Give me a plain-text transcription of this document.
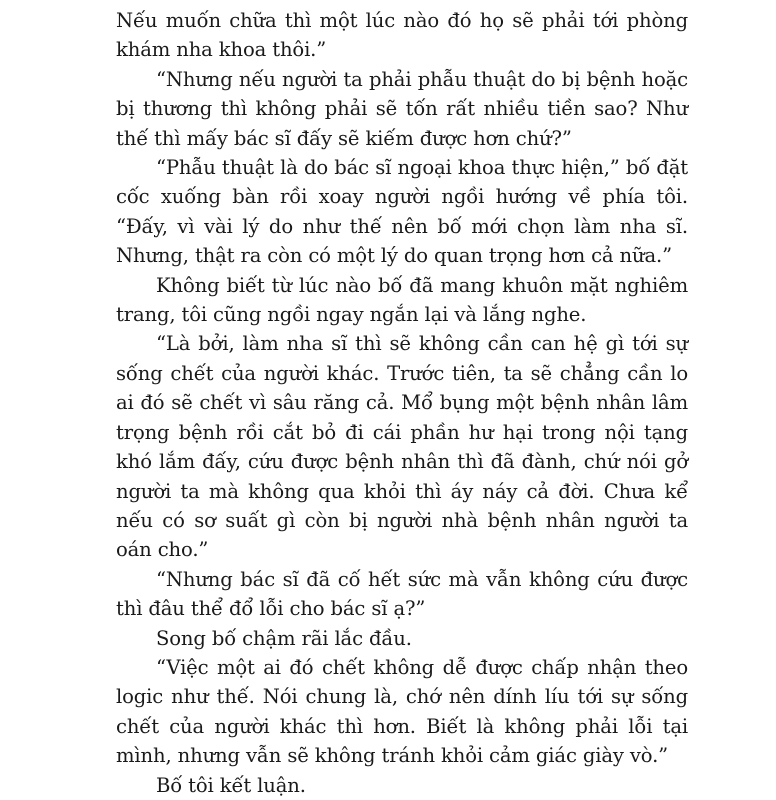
Nếu muốn chữa thì một lúc nào đó họ sẽ phải tới phòng khám nha khoa thôi.”

“Nhưng nếu người ta phải phẫu thuật do bị bệnh hoặc bị thương thì không phải sẽ tốn rất nhiều tiền sao? Như thế thì mấy bác sĩ đấy sẽ kiếm được hơn chứ?”

“Phẫu thuật là do bác sĩ ngoại khoa thực hiện,” bố đặt cốc xuống bàn rồi xoay người ngồi hướng về phía tôi. “Đấy, vì vài lý do như thế nên bố mới chọn làm nha sĩ. Nhưng, thật ra còn có một lý do quan trọng hơn cả nữa.”

Không biết từ lúc nào bố đã mang khuôn mặt nghiêm trang, tôi cũng ngồi ngay ngắn lại và lắng nghe.

“Là bởi, làm nha sĩ thì sẽ không cần can hệ gì tới sự sống chết của người khác. Trước tiên, ta sẽ chẳng cần lo ai đó sẽ chết vì sâu răng cả. Mổ bụng một bệnh nhân lâm trọng bệnh rồi cắt bỏ đi cái phần hư hại trong nội tạng khó lắm đấy, cứu được bệnh nhân thì đã đành, chứ nói gở người ta mà không qua khỏi thì áy náy cả đời. Chưa kể nếu có sơ suất gì còn bị người nhà bệnh nhân người ta oán cho.”

“Nhưng bác sĩ đã cố hết sức mà vẫn không cứu được thì đâu thể đổ lỗi cho bác sĩ ạ?”

Song bố chậm rãi lắc đầu.

“Việc một ai đó chết không dễ được chấp nhận theo logic như thế. Nói chung là, chớ nên dính líu tới sự sống chết của người khác thì hơn. Biết là không phải lỗi tại mình, nhưng vẫn sẽ không tránh khỏi cảm giác giày vò.”

Bố tôi kết luận.
